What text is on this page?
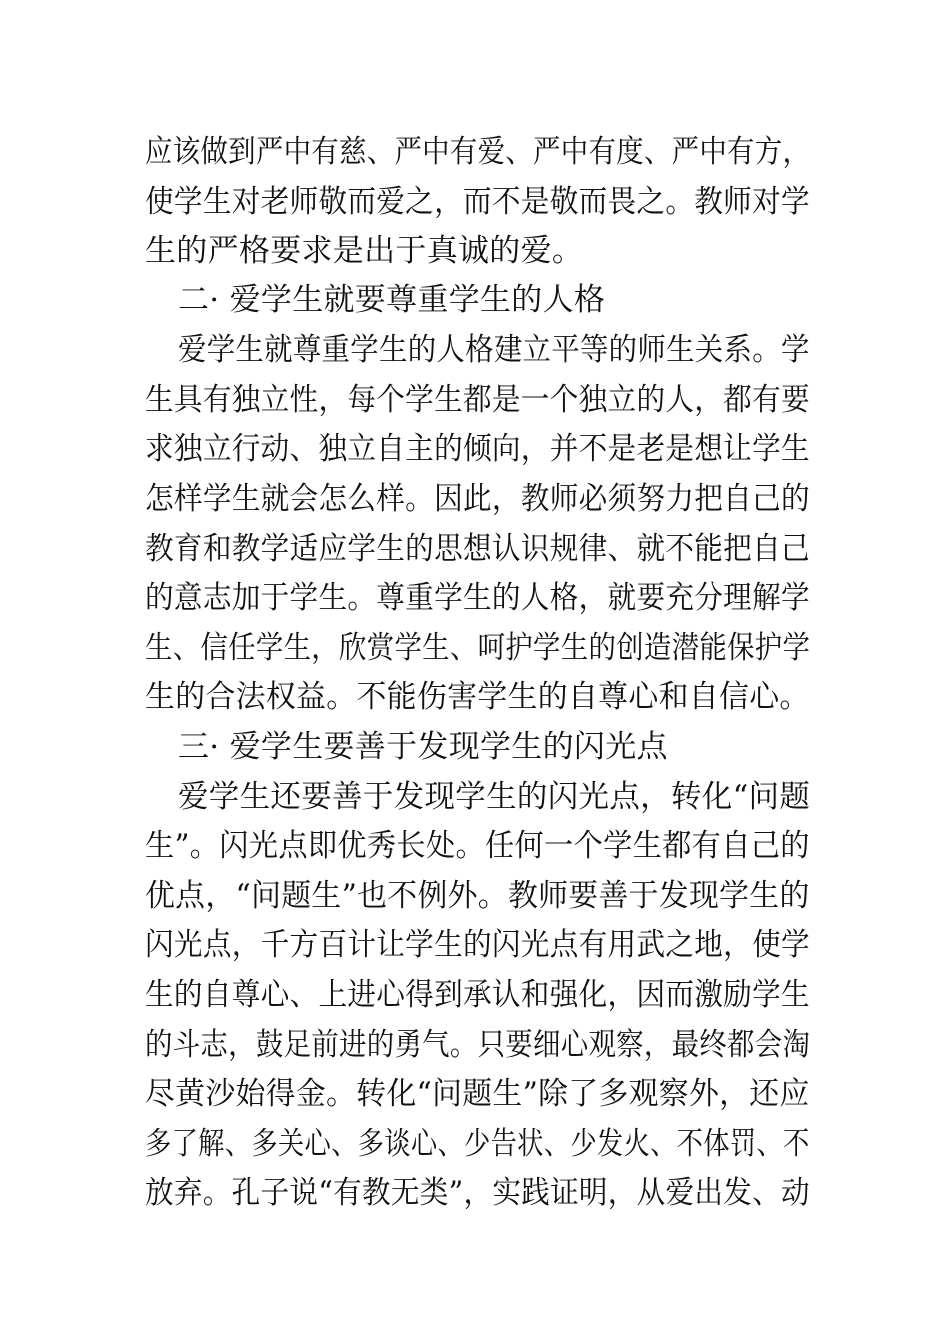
应该做到严中有慈、严中有爱、严中有度、严中有方，
使学生对老师敬而爱之，而不是敬而畏之。教师对学
生的严格要求是出于真诚的爱。
二· 爱学生就要尊重学生的人格
爱学生就尊重学生的人格建立平等的师生关系。学
生具有独立性，每个学生都是一个独立的人，都有要
求独立行动、独立自主的倾向，并不是老是想让学生
怎样学生就会怎么样。因此，教师必须努力把自己的
教育和教学适应学生的思想认识规律、就不能把自己
的意志加于学生。尊重学生的人格，就要充分理解学
生、信任学生，欣赏学生、呵护学生的创造潜能保护学
生的合法权益。不能伤害学生的自尊心和自信心。
三· 爱学生要善于发现学生的闪光点
爱学生还要善于发现学生的闪光点，转化“问题
生”。闪光点即优秀长处。任何一个学生都有自己的
优点，“问题生”也不例外。教师要善于发现学生的
闪光点，千方百计让学生的闪光点有用武之地，使学
生的自尊心、上进心得到承认和强化，因而激励学生
的斗志，鼓足前进的勇气。只要细心观察，最终都会淘
尽黄沙始得金。转化“问题生”除了多观察外，还应
多了解、多关心、多谈心、少告状、少发火、不体罚、不
放弃。孔子说“有教无类”，实践证明，从爱出发、动
